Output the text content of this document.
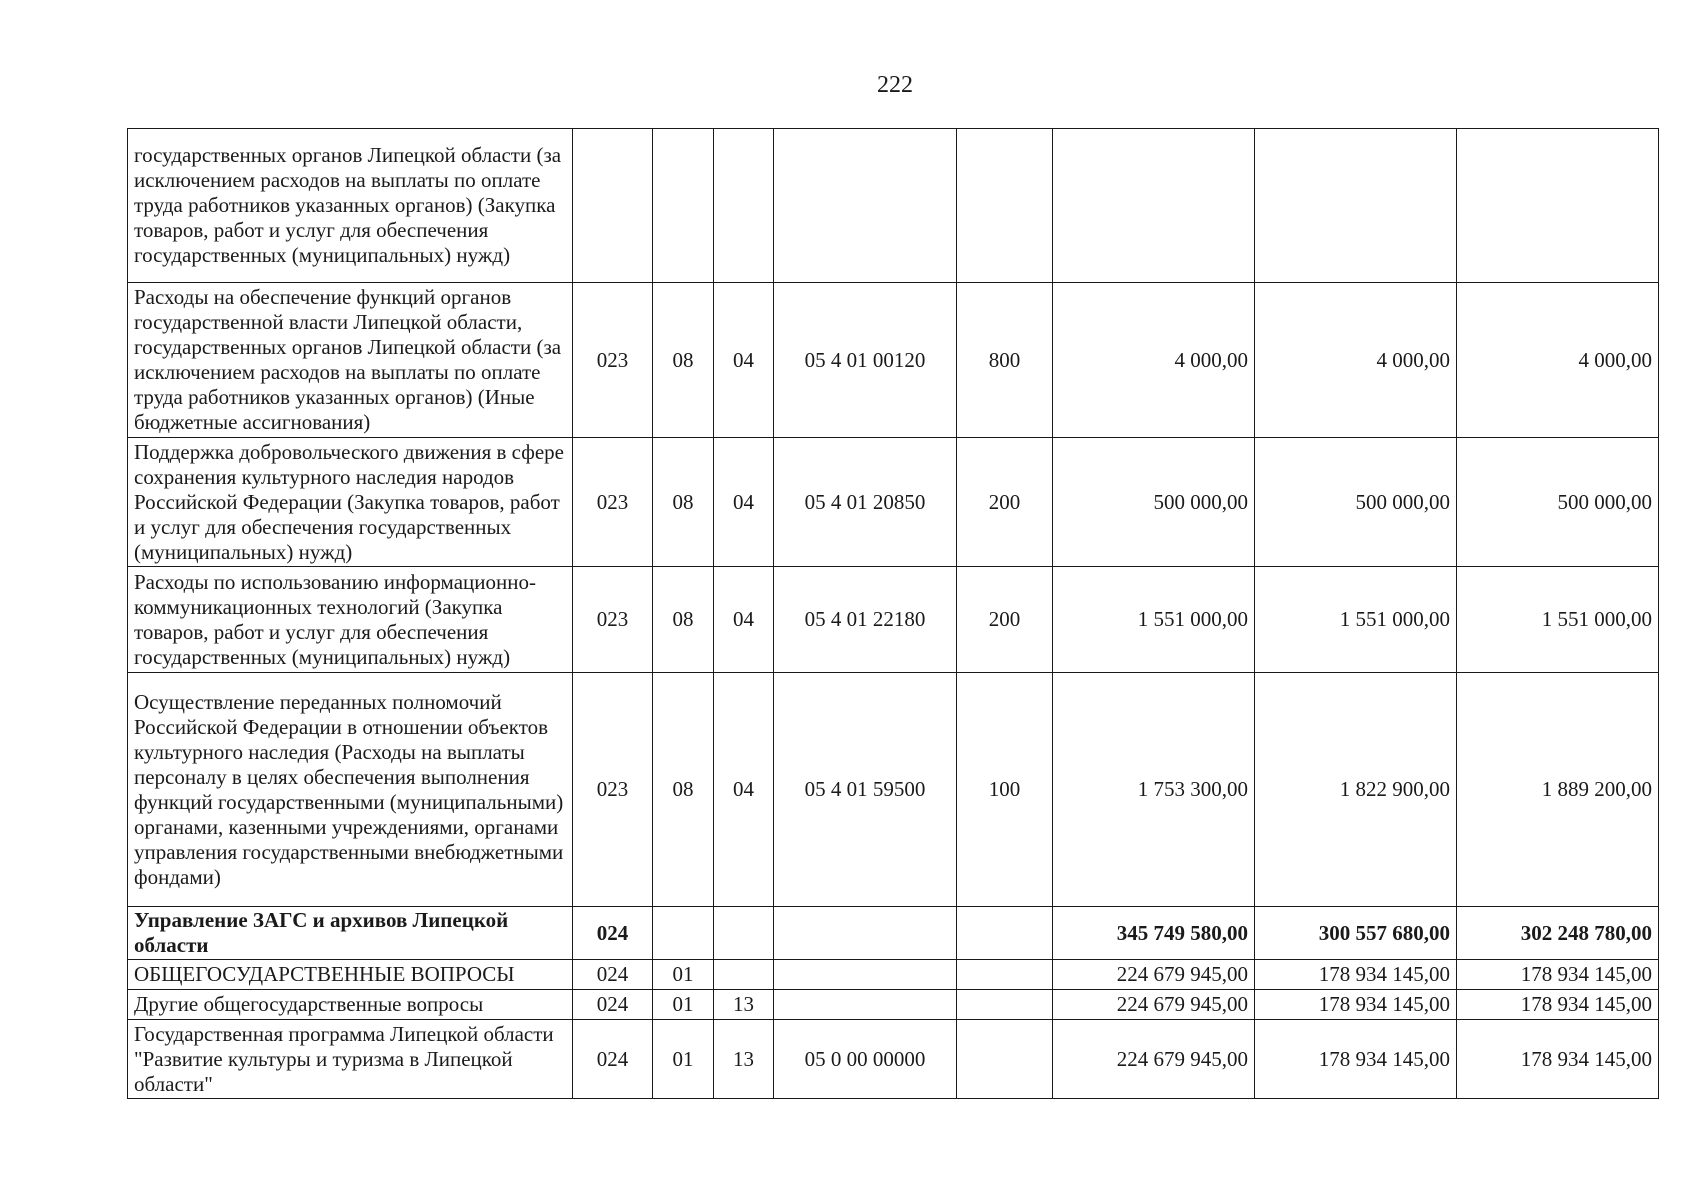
222
государственных органов Липецкой области (за исключением расходов на выплаты по оплате труда работников указанных органов) (Закупка товаров, работ и услуг для обеспечения государственных (муниципальных) нужд)								
Расходы на обеспечение функций органов государственной власти Липецкой области, государственных органов Липецкой области (за исключением расходов на выплаты по оплате труда работников указанных органов) (Иные бюджетные ассигнования)	023	08	04	05 4 01 00120	800	4 000,00	4 000,00	4 000,00
Поддержка добровольческого движения в сфере сохранения культурного наследия народов Российской Федерации (Закупка товаров, работ и услуг для обеспечения государственных (муниципальных) нужд)	023	08	04	05 4 01 20850	200	500 000,00	500 000,00	500 000,00
Расходы по использованию информационно-коммуникационных технологий (Закупка товаров, работ и услуг для обеспечения государственных (муниципальных) нужд)	023	08	04	05 4 01 22180	200	1 551 000,00	1 551 000,00	1 551 000,00
Осуществление переданных полномочий Российской Федерации в отношении объектов культурного наследия (Расходы на выплаты персоналу в целях обеспечения выполнения функций государственными (муниципальными) органами, казенными учреждениями, органами управления государственными внебюджетными фондами)	023	08	04	05 4 01 59500	100	1 753 300,00	1 822 900,00	1 889 200,00
Управление ЗАГС и архивов Липецкой области	024					345 749 580,00	300 557 680,00	302 248 780,00
ОБЩЕГОСУДАРСТВЕННЫЕ ВОПРОСЫ	024	01				224 679 945,00	178 934 145,00	178 934 145,00
Другие общегосударственные вопросы	024	01	13			224 679 945,00	178 934 145,00	178 934 145,00
Государственная программа Липецкой области "Развитие культуры и туризма в Липецкой области"	024	01	13	05 0 00 00000		224 679 945,00	178 934 145,00	178 934 145,00
